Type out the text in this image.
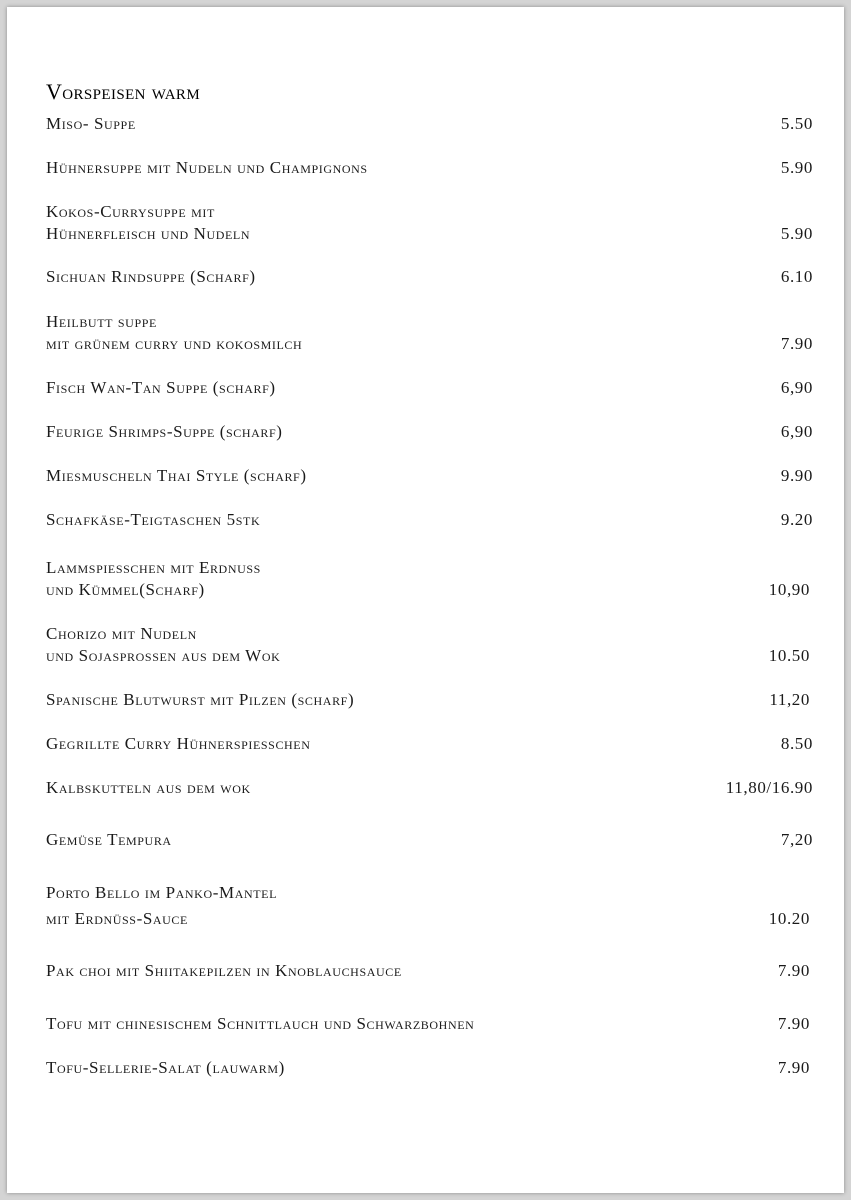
Vorspeisen warm
Miso- Suppe	5.50
Hühnersuppe mit Nudeln und Champignons	5.90
Kokos-Currysuppe mit
Hühnerfleisch und Nudeln	5.90
Sichuan Rindsuppe (Scharf)	6.10
Heilbutt suppe
mit grünem curry und kokosmilch	7.90
Fisch Wan-Tan Suppe (scharf)	6,90
Feurige Shrimps-Suppe (scharf)	6,90
Miesmuscheln Thai Style (scharf)	9.90
Schafkäse-Teigtaschen 5stk	9.20
Lammspiesschen mit Erdnuss
und Kümmel(Scharf)	10,90
Chorizo mit Nudeln
und Sojasprossen aus dem Wok	10.50
Spanische Blutwurst mit Pilzen (scharf)	11,20
Gegrillte Curry Hühnerspiesschen	8.50
Kalbskutteln aus dem wok	11,80/16.90
Gemüse Tempura	7,20
Porto Bello im Panko-Mantel
mit Erdnüss-Sauce	10.20
Pak choi mit Shiitakepilzen in Knoblauchsauce	7.90
Tofu mit chinesischem Schnittlauch und Schwarzbohnen	7.90
Tofu-Sellerie-Salat (lauwarm)	7.90
